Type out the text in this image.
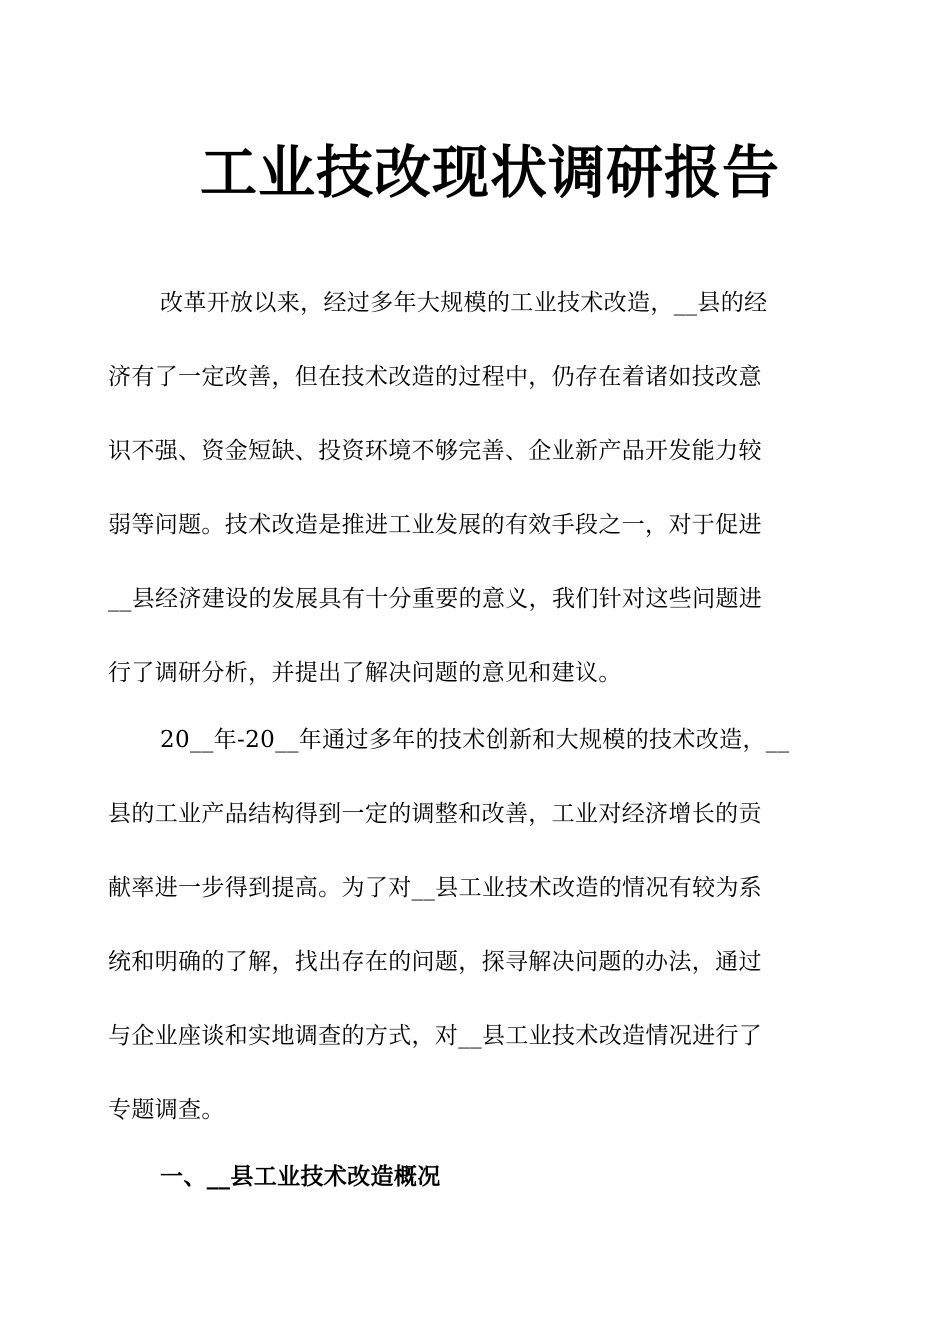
工业技改现状调研报告
改革开放以来，经过多年大规模的工业技术改造，__县的经
济有了一定改善，但在技术改造的过程中，仍存在着诸如技改意
识不强、资金短缺、投资环境不够完善、企业新产品开发能力较
弱等问题。技术改造是推进工业发展的有效手段之一，对于促进
__县经济建设的发展具有十分重要的意义，我们针对这些问题进
行了调研分析，并提出了解决问题的意见和建议。
20__年-20__年通过多年的技术创新和大规模的技术改造，__
县的工业产品结构得到一定的调整和改善，工业对经济增长的贡
献率进一步得到提高。为了对__县工业技术改造的情况有较为系
统和明确的了解，找出存在的问题，探寻解决问题的办法，通过
与企业座谈和实地调查的方式，对__县工业技术改造情况进行了
专题调查。
一、__县工业技术改造概况
